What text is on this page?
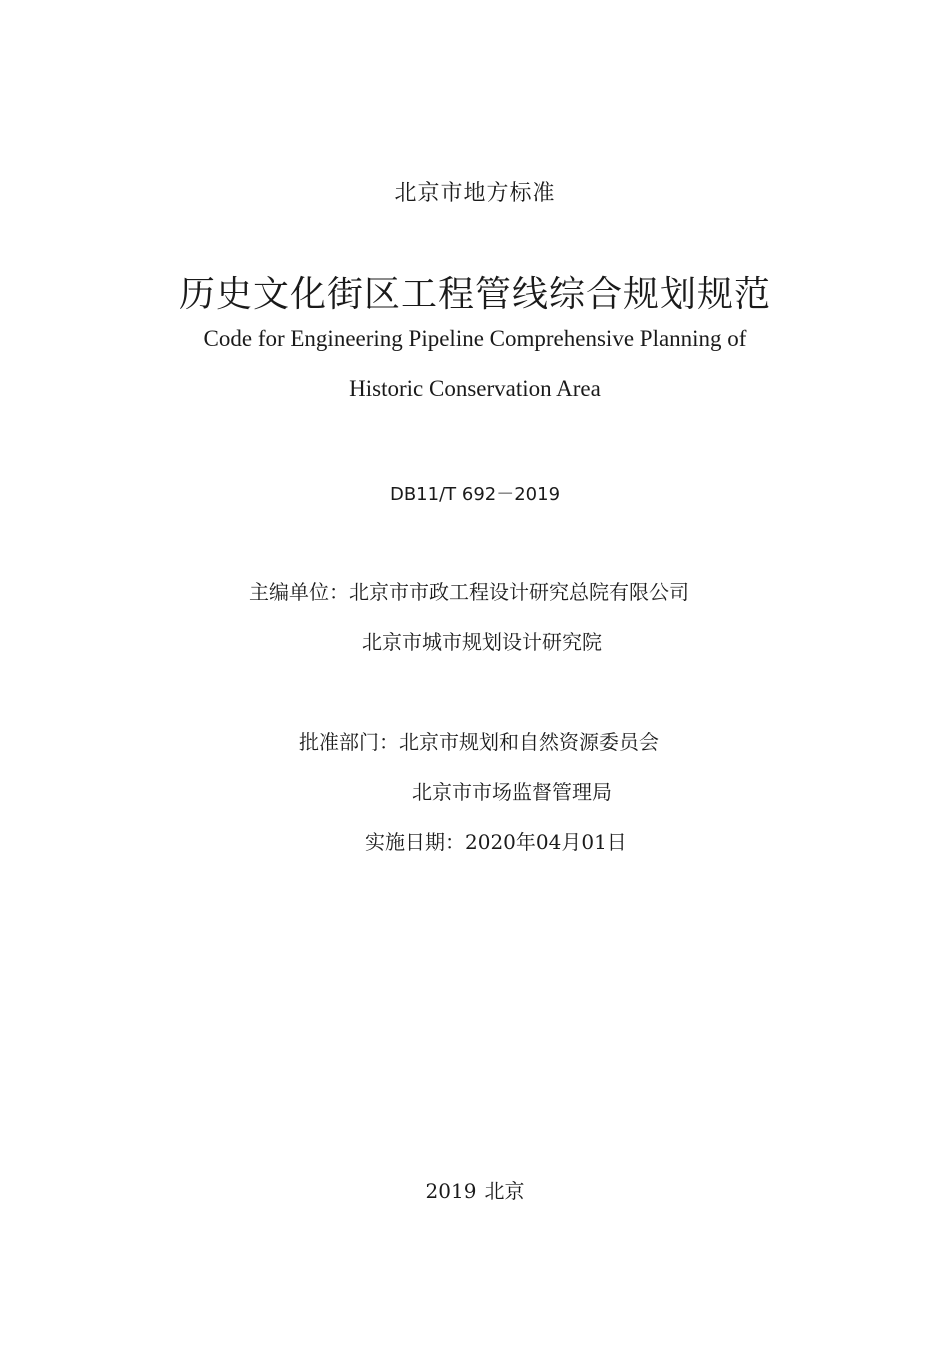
北京市地方标准
历史文化街区工程管线综合规划规范
Code for Engineering Pipeline Comprehensive Planning of
Historic Conservation Area
DB11/T 692－2019
主编单位：北京市市政工程设计研究总院有限公司
北京市城市规划设计研究院
批准部门：北京市规划和自然资源委员会
北京市市场监督管理局
实施日期：2020年04月01日
2019 北京
